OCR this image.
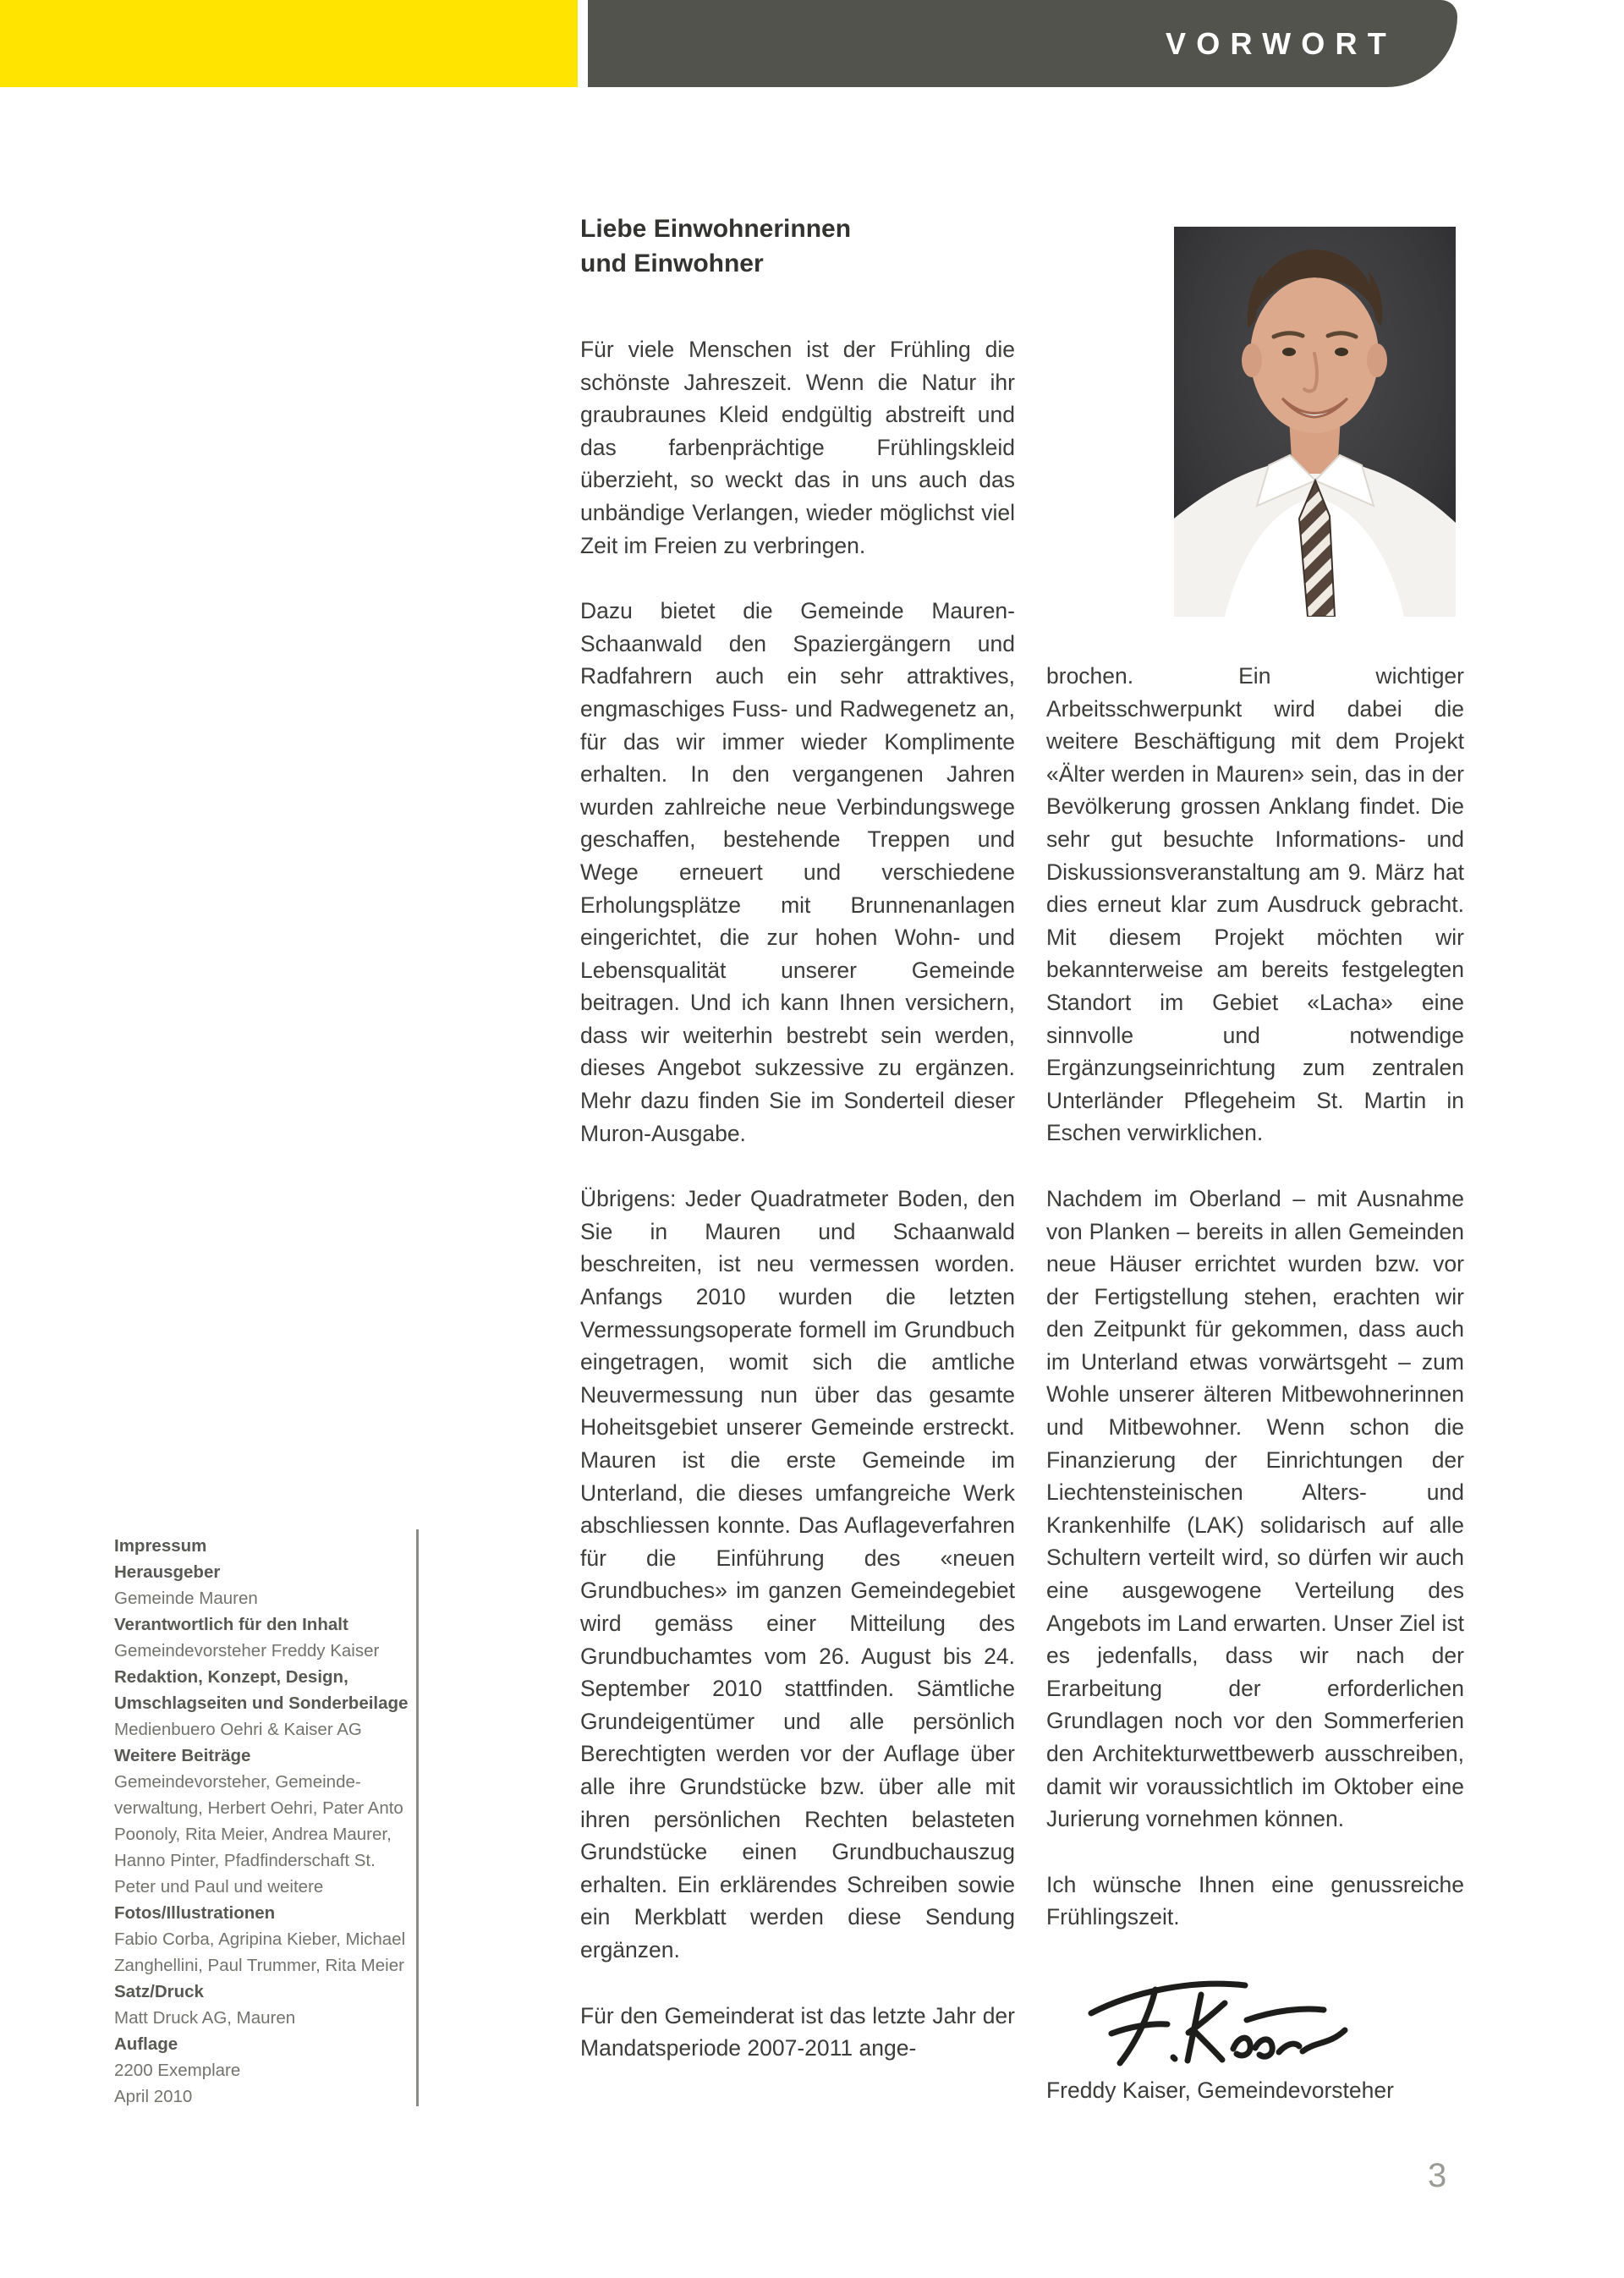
VORWORT
Liebe Einwohnerinnen
und Einwohner

Für viele Menschen ist der Frühling die schönste Jahreszeit. Wenn die Natur ihr graubraunes Kleid endgültig abstreift und das farbenprächtige Frühlingskleid überzieht, so weckt das in uns auch das unbändige Verlangen, wieder möglichst viel Zeit im Freien zu verbringen.

Dazu bietet die Gemeinde Mauren-Schaanwald den Spaziergängern und Radfahrern auch ein sehr attraktives, engmaschiges Fuss- und Radwegenetz an, für das wir immer wieder Komplimente erhalten. In den vergangenen Jahren wurden zahlreiche neue Verbindungswege geschaffen, bestehende Treppen und Wege erneuert und verschiedene Erholungsplätze mit Brunnenanlagen eingerichtet, die zur hohen Wohn- und Lebensqualität unserer Gemeinde beitragen. Und ich kann Ihnen versichern, dass wir weiterhin bestrebt sein werden, dieses Angebot sukzessive zu ergänzen. Mehr dazu finden Sie im Sonderteil dieser Muron-Ausgabe.

Übrigens: Jeder Quadratmeter Boden, den Sie in Mauren und Schaanwald beschreiten, ist neu vermessen worden. Anfangs 2010 wurden die letzten Vermessungsoperate formell im Grundbuch eingetragen, womit sich die amtliche Neuvermessung nun über das gesamte Hoheitsgebiet unserer Gemeinde erstreckt. Mauren ist die erste Gemeinde im Unterland, die dieses umfangreiche Werk abschliessen konnte. Das Auflageverfahren für die Einführung des «neuen Grundbuches» im ganzen Gemeindegebiet wird gemäss einer Mitteilung des Grundbuchamtes vom 26. August bis 24. September 2010 stattfinden. Sämtliche Grundeigentümer und alle persönlich Berechtigten werden vor der Auflage über alle ihre Grundstücke bzw. über alle mit ihren persönlichen Rechten belasteten Grundstücke einen Grundbuchauszug erhalten. Ein erklärendes Schreiben sowie ein Merkblatt werden diese Sendung ergänzen.

Für den Gemeinderat ist das letzte Jahr der Mandatsperiode 2007-2011 ange-

brochen. Ein wichtiger Arbeitsschwerpunkt wird dabei die weitere Beschäftigung mit dem Projekt «Älter werden in Mauren» sein, das in der Bevölkerung grossen Anklang findet. Die sehr gut besuchte Informations- und Diskussionsveranstaltung am 9. März hat dies erneut klar zum Ausdruck gebracht. Mit diesem Projekt möchten wir bekannterweise am bereits festgelegten Standort im Gebiet «Lacha» eine sinnvolle und notwendige Ergänzungseinrichtung zum zentralen Unterländer Pflegeheim St. Martin in Eschen verwirklichen.

Nachdem im Oberland – mit Ausnahme von Planken – bereits in allen Gemeinden neue Häuser errichtet wurden bzw. vor der Fertigstellung stehen, erachten wir den Zeitpunkt für gekommen, dass auch im Unterland etwas vorwärtsgeht – zum Wohle unserer älteren Mitbewohnerinnen und Mitbewohner. Wenn schon die Finanzierung der Einrichtungen der Liechtensteinischen Alters- und Krankenhilfe (LAK) solidarisch auf alle Schultern verteilt wird, so dürfen wir auch eine ausgewogene Verteilung des Angebots im Land erwarten. Unser Ziel ist es jedenfalls, dass wir nach der Erarbeitung der erforderlichen Grundlagen noch vor den Sommerferien den Architekturwettbewerb ausschreiben, damit wir voraussichtlich im Oktober eine Jurierung vornehmen können.

Ich wünsche Ihnen eine genussreiche Frühlingszeit.

Impressum
Herausgeber
Gemeinde Mauren
Verantwortlich für den Inhalt
Gemeindevorsteher Freddy Kaiser
Redaktion, Konzept, Design,
Umschlagseiten und Sonderbeilage
Medienbuero Oehri & Kaiser AG
Weitere Beiträge
Gemeindevorsteher, Gemeinde-
verwaltung, Herbert Oehri, Pater Anto
Poonoly, Rita Meier, Andrea Maurer,
Hanno Pinter, Pfadfinderschaft St.
Peter und Paul und weitere
Fotos/Illustrationen
Fabio Corba, Agripina Kieber, Michael
Zanghellini, Paul Trummer, Rita Meier
Satz/Druck
Matt Druck AG, Mauren
Auflage
2200 Exemplare
April 2010	Freddy Kaiser, Gemeindevorsteher
3
